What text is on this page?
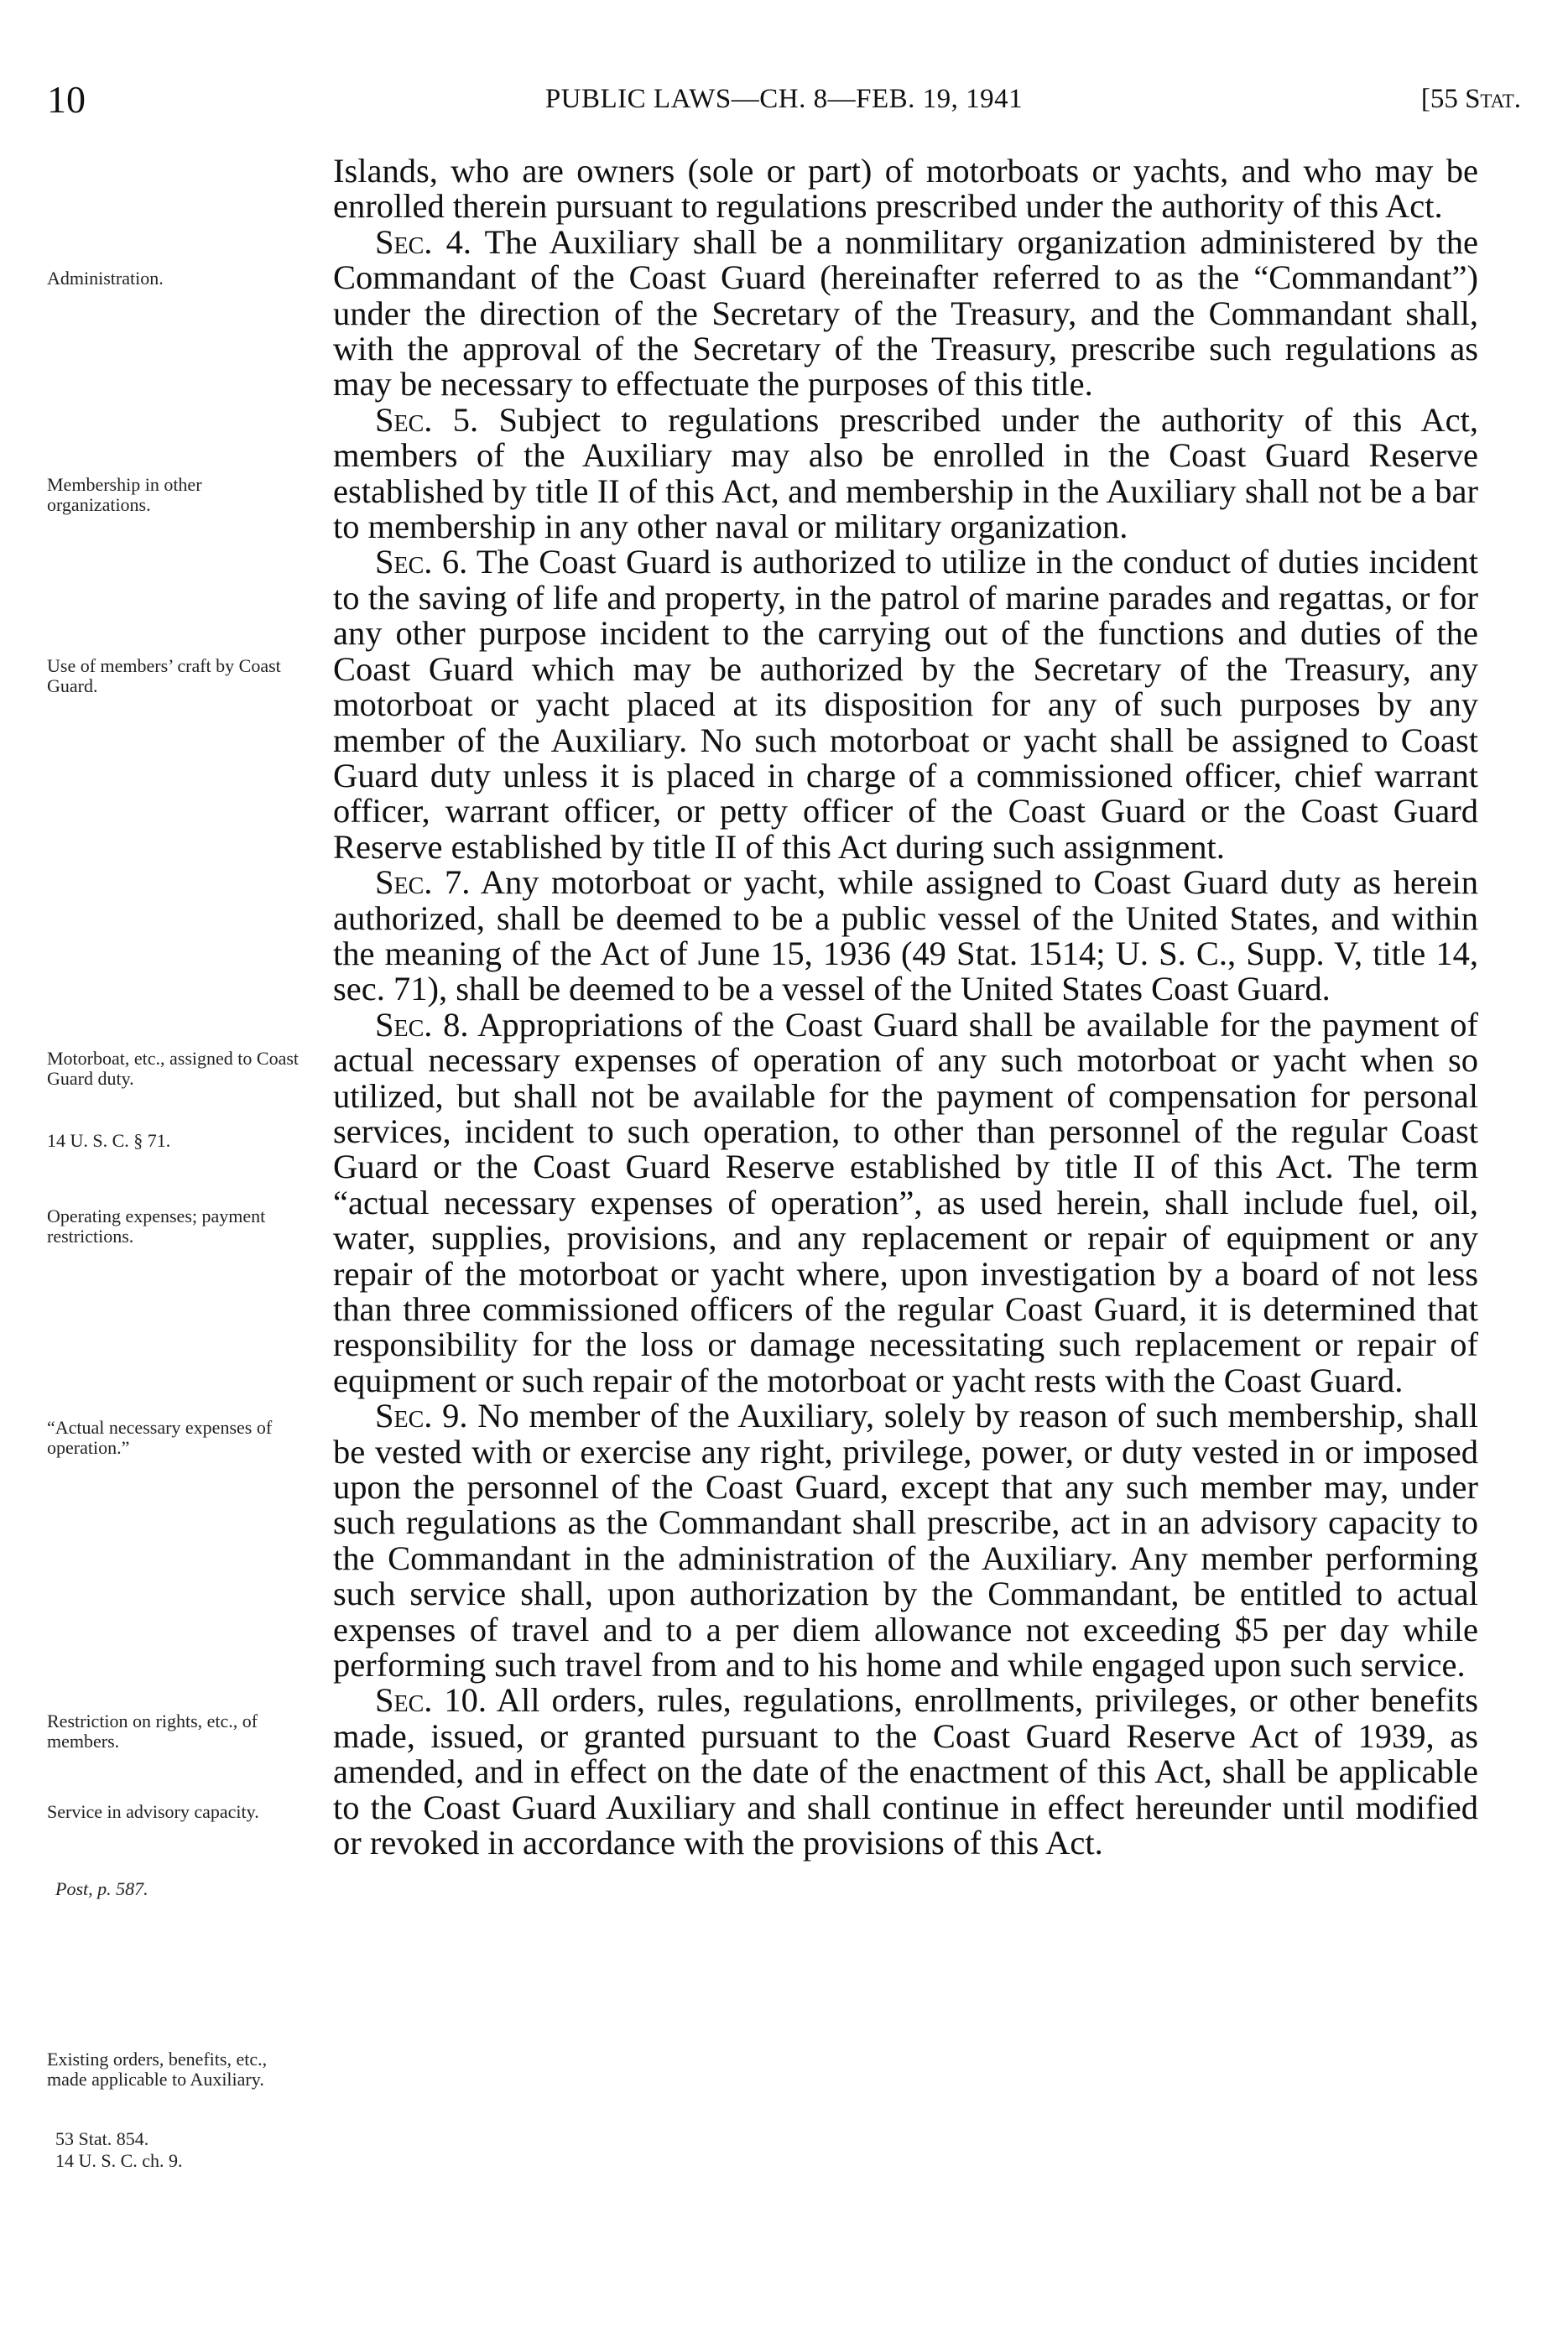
10	PUBLIC LAWS—CH. 8—FEB. 19, 1941	[55 Stat.
Administration.
Membership in other organizations.
Use of members’ craft by Coast Guard.
Motorboat, etc., assigned to Coast Guard duty.
14 U. S. C. § 71.
Operating expenses; payment restrictions.
“Actual necessary expenses of operation.”
Restriction on rights, etc., of members.
Service in advisory capacity.
Post, p. 587.
Existing orders, benefits, etc., made applicable to Auxiliary.
53 Stat. 854.
14 U. S. C. ch. 9.

Islands, who are owners (sole or part) of motorboats or yachts, and who may be enrolled therein pursuant to regulations prescribed under the authority of this Act.

Sec. 4. The Auxiliary shall be a nonmilitary organization administered by the Commandant of the Coast Guard (hereinafter referred to as the “Commandant”) under the direction of the Secretary of the Treasury, and the Commandant shall, with the approval of the Secretary of the Treasury, prescribe such regulations as may be necessary to effectuate the purposes of this title.

Sec. 5. Subject to regulations prescribed under the authority of this Act, members of the Auxiliary may also be enrolled in the Coast Guard Reserve established by title II of this Act, and membership in the Auxiliary shall not be a bar to membership in any other naval or military organization.

Sec. 6. The Coast Guard is authorized to utilize in the conduct of duties incident to the saving of life and property, in the patrol of marine parades and regattas, or for any other purpose incident to the carrying out of the functions and duties of the Coast Guard which may be authorized by the Secretary of the Treasury, any motorboat or yacht placed at its disposition for any of such purposes by any member of the Auxiliary. No such motorboat or yacht shall be assigned to Coast Guard duty unless it is placed in charge of a commissioned officer, chief warrant officer, warrant officer, or petty officer of the Coast Guard or the Coast Guard Reserve established by title II of this Act during such assignment.

Sec. 7. Any motorboat or yacht, while assigned to Coast Guard duty as herein authorized, shall be deemed to be a public vessel of the United States, and within the meaning of the Act of June 15, 1936 (49 Stat. 1514; U. S. C., Supp. V, title 14, sec. 71), shall be deemed to be a vessel of the United States Coast Guard.

Sec. 8. Appropriations of the Coast Guard shall be available for the payment of actual necessary expenses of operation of any such motorboat or yacht when so utilized, but shall not be available for the payment of compensation for personal services, incident to such operation, to other than personnel of the regular Coast Guard or the Coast Guard Reserve established by title II of this Act. The term “actual necessary expenses of operation”, as used herein, shall include fuel, oil, water, supplies, provisions, and any replacement or repair of equipment or any repair of the motorboat or yacht where, upon investigation by a board of not less than three commissioned officers of the regular Coast Guard, it is determined that responsibility for the loss or damage necessitating such replacement or repair of equipment or such repair of the motorboat or yacht rests with the Coast Guard.

Sec. 9. No member of the Auxiliary, solely by reason of such membership, shall be vested with or exercise any right, privilege, power, or duty vested in or imposed upon the personnel of the Coast Guard, except that any such member may, under such regulations as the Commandant shall prescribe, act in an advisory capacity to the Commandant in the administration of the Auxiliary. Any member performing such service shall, upon authorization by the Commandant, be entitled to actual expenses of travel and to a per diem allowance not exceeding $5 per day while performing such travel from and to his home and while engaged upon such service.

Sec. 10. All orders, rules, regulations, enrollments, privileges, or other benefits made, issued, or granted pursuant to the Coast Guard Reserve Act of 1939, as amended, and in effect on the date of the enactment of this Act, shall be applicable to the Coast Guard Auxiliary and shall continue in effect hereunder until modified or revoked in accordance with the provisions of this Act.
